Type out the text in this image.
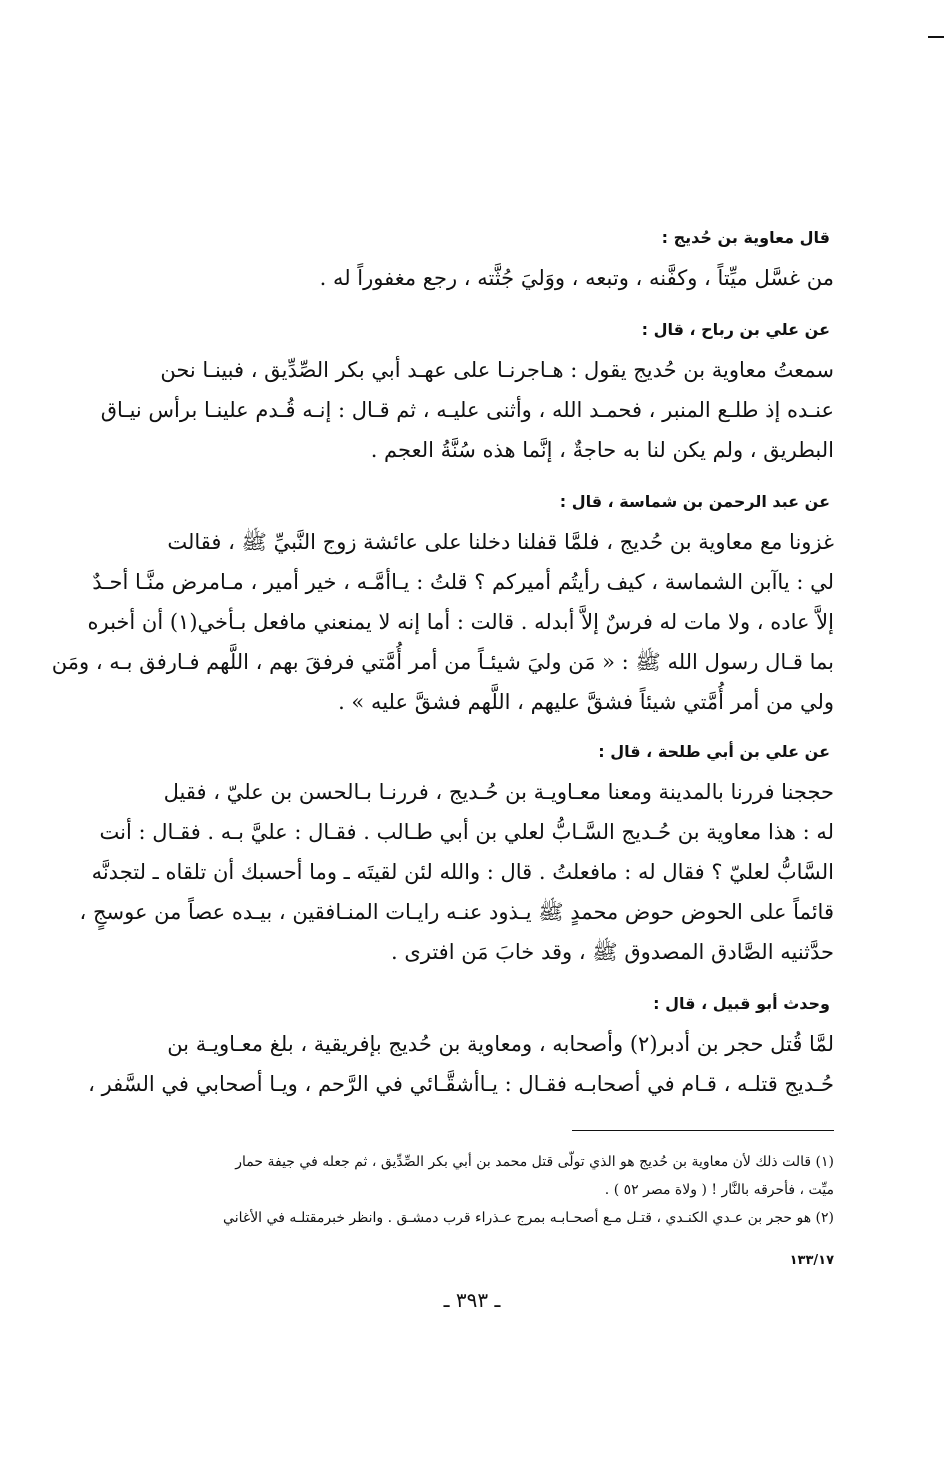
قال معاوية بن حُديج :

من غسَّل ميِّتاً ، وكفَّنه ، وتبعه ، ووَليَ جُثَّته ، رجع مغفوراً له .

عن علي بن رباح ، قال :

سمعتُ معاوية بن حُديج يقول : هـاجرنـا على عهـد أبي بكر الصِّدِّيق ، فبينـا نحن
عنـده إذ طلـع المنبر ، فحمـد الله ، وأثنى عليـه ، ثم قـال : إنـه قُـدم علينـا برأس نيـاق
البطريق ، ولم يكن لنا به حاجةٌ ، إنَّما هذه سُنَّةُ العجم .

عن عبد الرحمن بن شماسة ، قال :

غزونا مع معاوية بن حُديج ، فلمَّا قفلنا دخلنا على عائشة زوج النَّبيِّ ﷺ ، فقالت
لي : ياآبن الشماسة ، كيف رأيتُم أميركم ؟ قلتُ : يـاأمَّـه ، خير أمير ، مـامرض منَّـا أحـدٌ
إلاَّ عاده ، ولا مات له فرسٌ إلاَّ أبدله . قالت : أما إنه لا يمنعني مافعل بـأخي(١) أن أخبره
بما قـال رسول الله ﷺ : « مَن وليَ شيئـاً من أمر أُمَّتي فرفقَ بهم ، اللَّهم فـارفق بـه ، ومَن
ولي من أمر أُمَّتي شيئاً فشقَّ عليهم ، اللَّهم فشقَّ عليه » .

عن علي بن أبي طلحة ، قال :

حججنا فررنا بالمدينة ومعنا معـاويـة بن حُـديج ، فررنـا بـالحسن بن عليّ ، فقيل
له : هذا معاوية بن حُـديج السَّـابُّ لعلي بن أبي طـالب . فقـال : عليَّ بـه . فقـال : أنت
السَّابُّ لعليّ ؟ فقال له : مافعلتُ . قال : والله لئن لقيتَه ـ وما أحسبك أن تلقاه ـ لتجدنَّه
قائماً على الحوض حوض محمدٍ ﷺ يـذود عنـه رايـات المنـافقين ، بيـده عصاً من عوسجٍ ،
حدَّثنيه الصَّادق المصدوق ﷺ ، وقد خابَ مَن افترى .

وحدث أبو قبيل ، قال :

لمَّا قُتل حجر بن أدبر(٢) وأصحابه ، ومعاوية بن حُديج بإفريقية ، بلغ معـاويـة بن
حُـديج قتلـه ، قـام في أصحابـه فقـال : يـاأشقَّـائي في الرَّحم ، ويـا أصحابي في السَّفر ،

(١) قالت ذلك لأن معاوية بن حُديج هو الذي تولّى قتل محمد بن أبي بكر الصِّدِّيق ، ثم جعله في جيفة حمار
ميِّت ، فأحرقه بالنَّار ! ( ولاة مصر ٥٢ ) .
(٢) هو حجر بن عـدي الكنـدي ، قتـل مـع أصحـابـه بمرج عـذراء قرب دمشـق . وانظر خبرمقتلـه في الأغاني
١٣٣/١٧
ـ ٣٩٣ ـ
